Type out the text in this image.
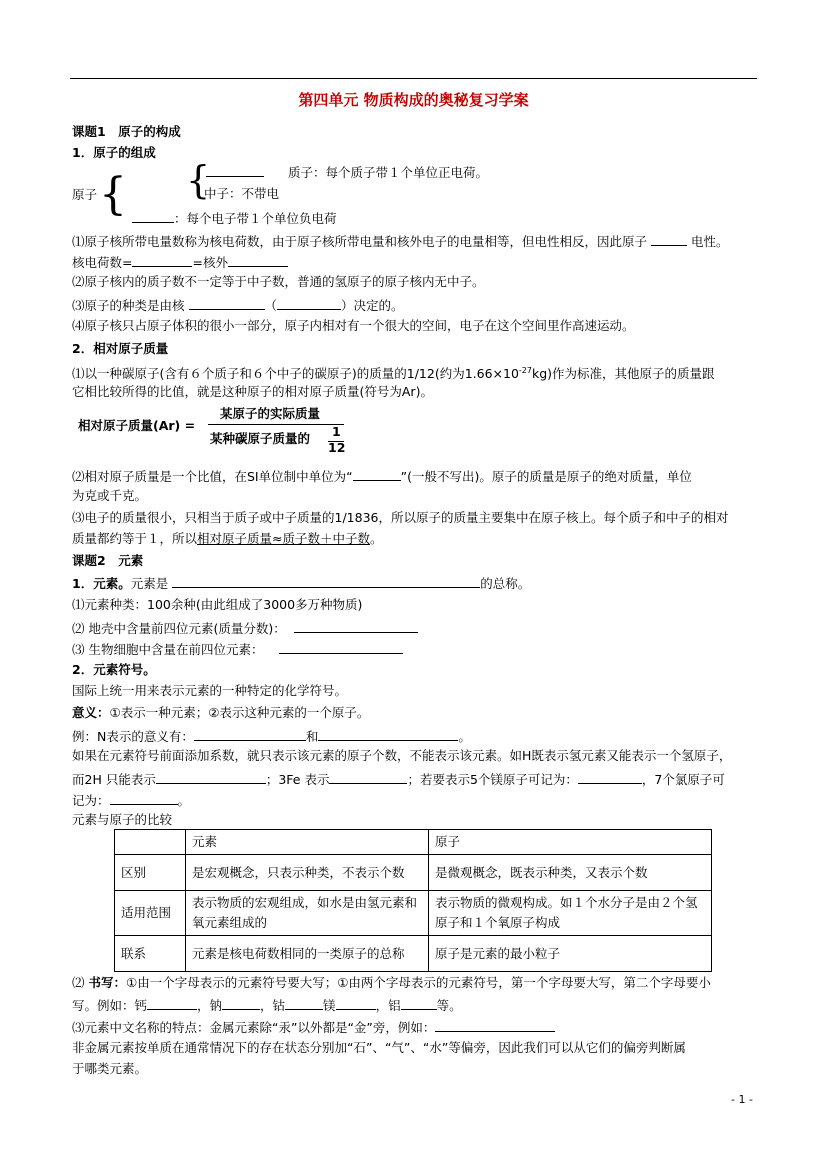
第四单元 物质构成的奥秘复习学案
课题1　原子的构成
1．原子的组成
{
{
原子
质子：每个质子带１个单位正电荷。
中子：不带电
：每个电子带１个单位负电荷
⑴原子核所带电量数称为核电荷数，由于原子核所带电量和核外电子的电量相等，但电性相反，因此原子	电性。
核电荷数=	=核外
⑵原子核内的质子数不一定等于中子数，普通的氢原子的原子核内无中子。
⑶原子的种类是由核	（	）决定的。
⑷原子核只占原子体积的很小一部分，原子内相对有一个很大的空间，电子在这个空间里作高速运动。
2．相对原子质量
⑴以一种碳原子(含有６个质子和６个中子的碳原子)的质量的1/12(约为$1.66\times 10^{-27}kg$)作为标准，其他原子的质量跟
它相比较所得的比值，就是这种原子的相对原子质量(符号为Ar)。
相对原子质量(Ar) =
某原子的实际质量
某种碳原子质量的 1
12
⑵相对原子质量是一个比值，在SI单位制中单位为“	”(一般不写出)。原子的质量是原子的绝对质量，单位
为克或千克。
⑶电子的质量很小，只相当于质子或中子质量的1/1836，所以原子的质量主要集中在原子核上。每个质子和中子的相对
质量都约等于１，所以相对原子质量≈质子数＋中子数。
课题2　元素
1．元素。元素是	的总称。
⑴元素种类：100余种(由此组成了3000多万种物质)
⑵ 地壳中含量前四位元素(质量分数)：
⑶ 生物细胞中含量在前四位元素：
2．元素符号。
国际上统一用来表示元素的一种特定的化学符号。
意义：①表示一种元素；②表示这种元素的一个原子。
例：N表示的意义有：	和	。
如果在元素符号前面添加系数，就只表示该元素的原子个数，不能表示该元素。如H既表示氢元素又能表示一个氢原子，
而2H 只能表示	；3Fe 表示	；若要表示5个镁原子可记为：	，7个氯原子可
记为：	。
元素与原子的比较
	元素	原子
区别	是宏观概念，只表示种类，不表示个数	是微观概念，既表示种类，又表示个数
适用范围	表示物质的宏观组成，如水是由氢元素和氧元素组成的	表示物质的微观构成。如１个水分子是由２个氢原子和１个氧原子构成
联系	元素是核电荷数相同的一类原子的总称	原子是元素的最小粒子
⑵ 书写：①由一个字母表示的元素符号要大写；①由两个字母表示的元素符号，第一个字母要大写，第二个字母要小
写。例如：钙	，钠	，钴	镁	，铝	等。
⑶元素中文名称的特点：金属元素除“汞”以外都是“金”旁，例如：
非金属元素按单质在通常情况下的存在状态分别加“石”、“气”、“水”等偏旁，因此我们可以从它们的偏旁判断属
于哪类元素。
- 1 -
